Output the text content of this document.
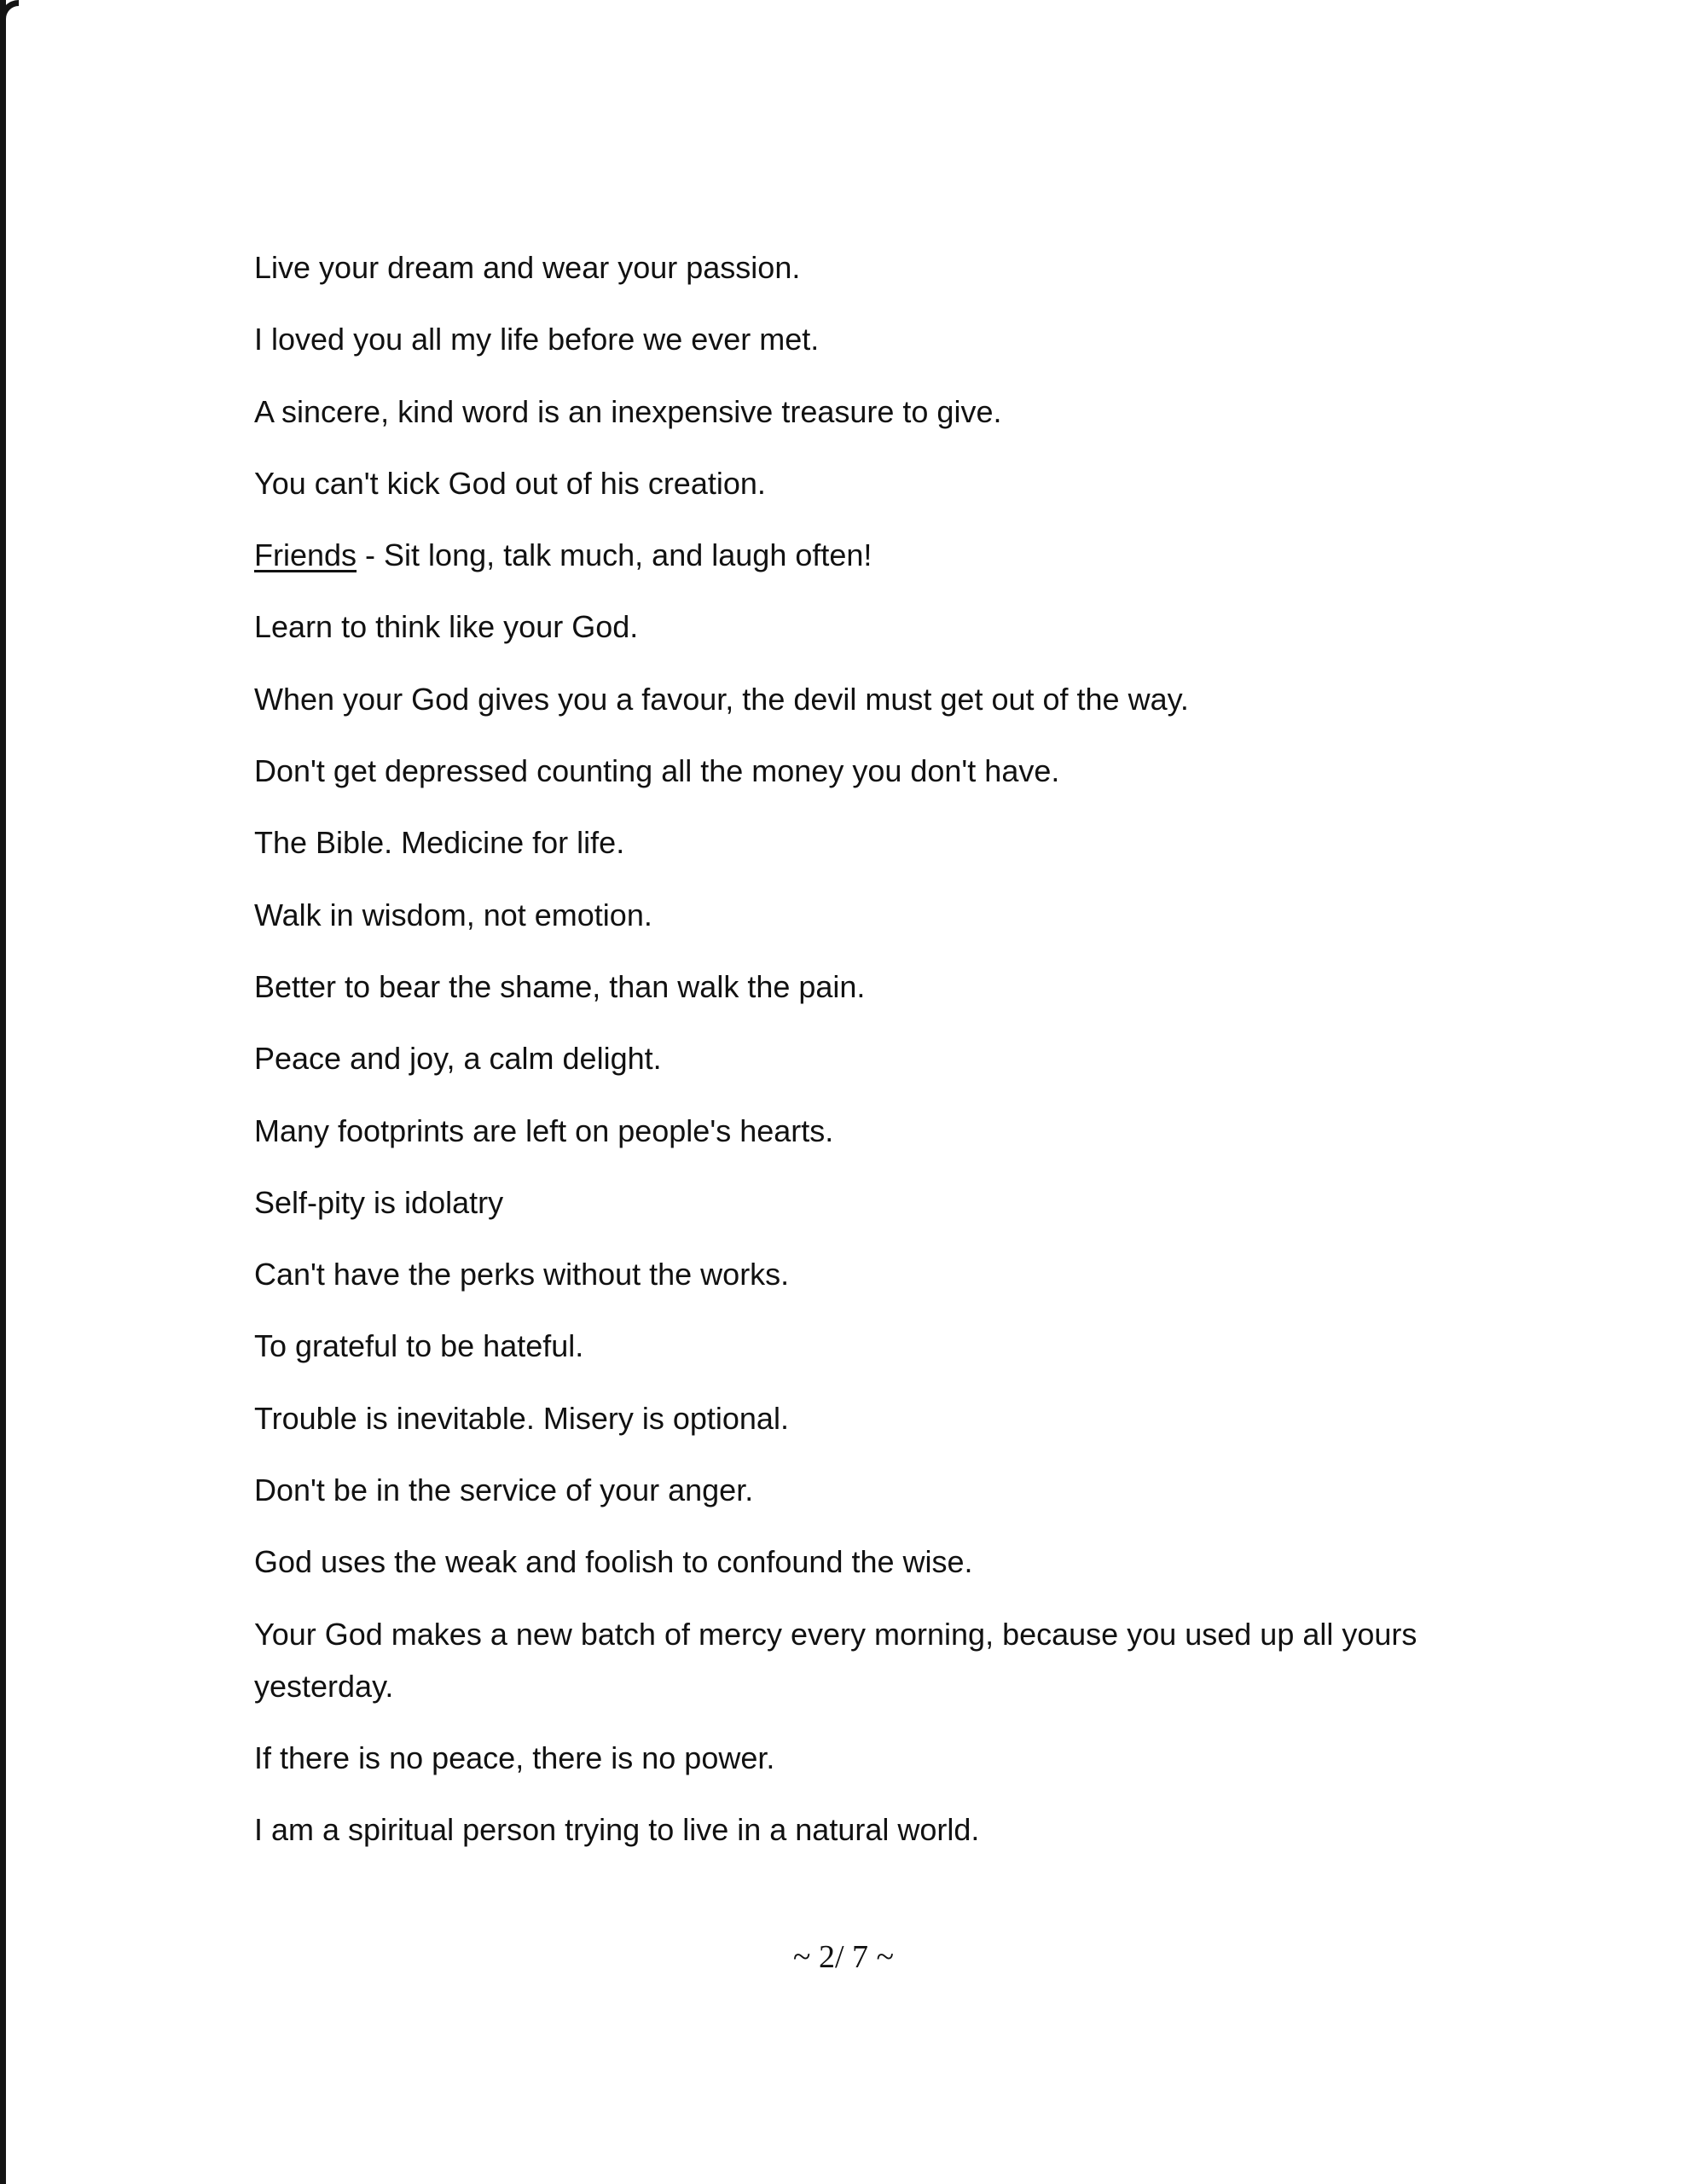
Live your dream and wear your passion.
I loved you all my life before we ever met.
A sincere, kind word is an inexpensive treasure to give.
You can't kick God out of his creation.
Friends - Sit long, talk much, and laugh often!
Learn to think like your God.
When your God gives you a favour, the devil must get out of the way.
Don't get depressed counting all the money you don't have.
The Bible. Medicine for life.
Walk in wisdom, not emotion.
Better to bear the shame, than walk the pain.
Peace and joy, a calm delight.
Many footprints are left on people's hearts.
Self-pity is idolatry
Can't have the perks without the works.
To grateful to be hateful.
Trouble is inevitable. Misery is optional.
Don't be in the service of your anger.
God uses the weak and foolish to confound the wise.
Your God makes a new batch of mercy every morning, because you used up all yours yesterday.
If there is no peace, there is no power.
I am a spiritual person trying to live in a natural world.
~ 2/ 7 ~
